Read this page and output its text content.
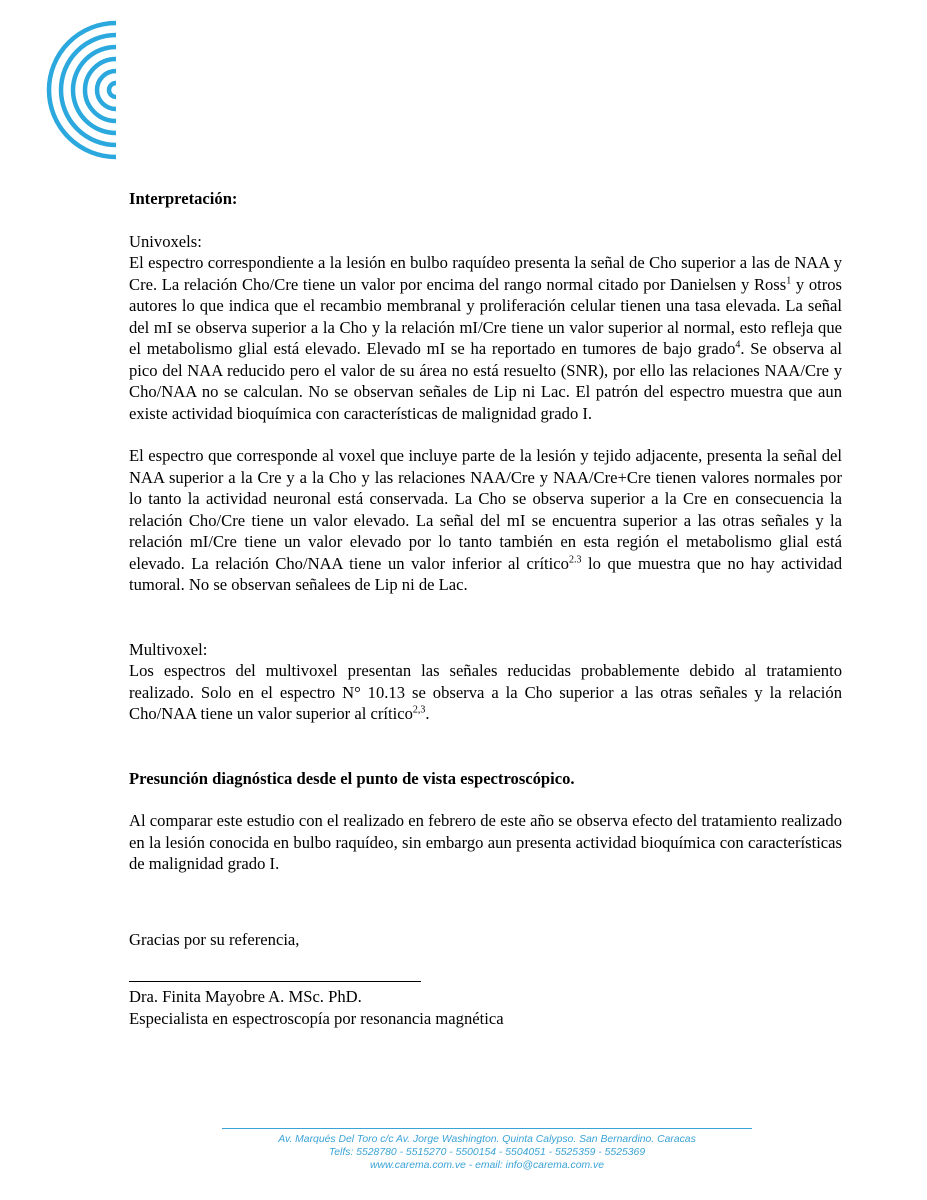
Interpretación:

Univoxels:

El espectro correspondiente a la lesión en bulbo raquídeo presenta la señal de Cho superior a las de NAA y Cre. La relación Cho/Cre tiene un valor por encima del rango normal citado por Danielsen y Ross$^1$ y otros autores lo que indica que el recambio membranal y proliferación celular tienen una tasa elevada. La señal del mI se observa superior a la Cho y la relación mI/Cre tiene un valor superior al normal, esto refleja que el metabolismo glial está elevado. Elevado mI se ha reportado en tumores de bajo grado$^4$. Se observa al pico del NAA reducido pero el valor de su área no está resuelto (SNR), por ello las relaciones NAA/Cre y Cho/NAA no se calculan. No se observan señales de Lip ni Lac. El patrón del espectro muestra que aun existe actividad bioquímica con características de malignidad grado I.

El espectro que corresponde al voxel que incluye parte de la lesión y tejido adjacente, presenta la señal del NAA superior a la Cre y a la Cho y las relaciones NAA/Cre y NAA/Cre+Cre tienen valores normales por lo tanto la actividad neuronal está conservada. La Cho se observa superior a la Cre en consecuencia la relación Cho/Cre tiene un valor elevado. La señal del mI se encuentra superior a las otras señales y la relación mI/Cre tiene un valor elevado por lo tanto también en esta región el metabolismo glial está elevado. La relación Cho/NAA tiene un valor inferior al crítico$^{2.3}$ lo que muestra que no hay actividad tumoral. No se observan señalees de Lip ni de Lac.

Multivoxel:

Los espectros del multivoxel presentan las señales reducidas probablemente debido al tratamiento realizado. Solo en el espectro N° 10.13 se observa a la Cho superior a las otras señales y la relación Cho/NAA tiene un valor superior al crítico$^{2,3}$.

Presunción diagnóstica desde el punto de vista espectroscópico.

Al comparar este estudio con el realizado en febrero de este año se observa efecto del tratamiento realizado en la lesión conocida en bulbo raquídeo, sin embargo aun presenta actividad bioquímica con características de malignidad grado I.

Gracias por su referencia,

Dra. Finita Mayobre A. MSc. PhD.

Especialista en espectroscopía por resonancia magnética

Av. Marqués Del Toro c/c Av. Jorge Washington. Quinta Calypso. San Bernardino. Caracas
Telfs: 5528780 - 5515270 - 5500154 - 5504051 - 5525359 - 5525369
www.carema.com.ve - email: info@carema.com.ve
